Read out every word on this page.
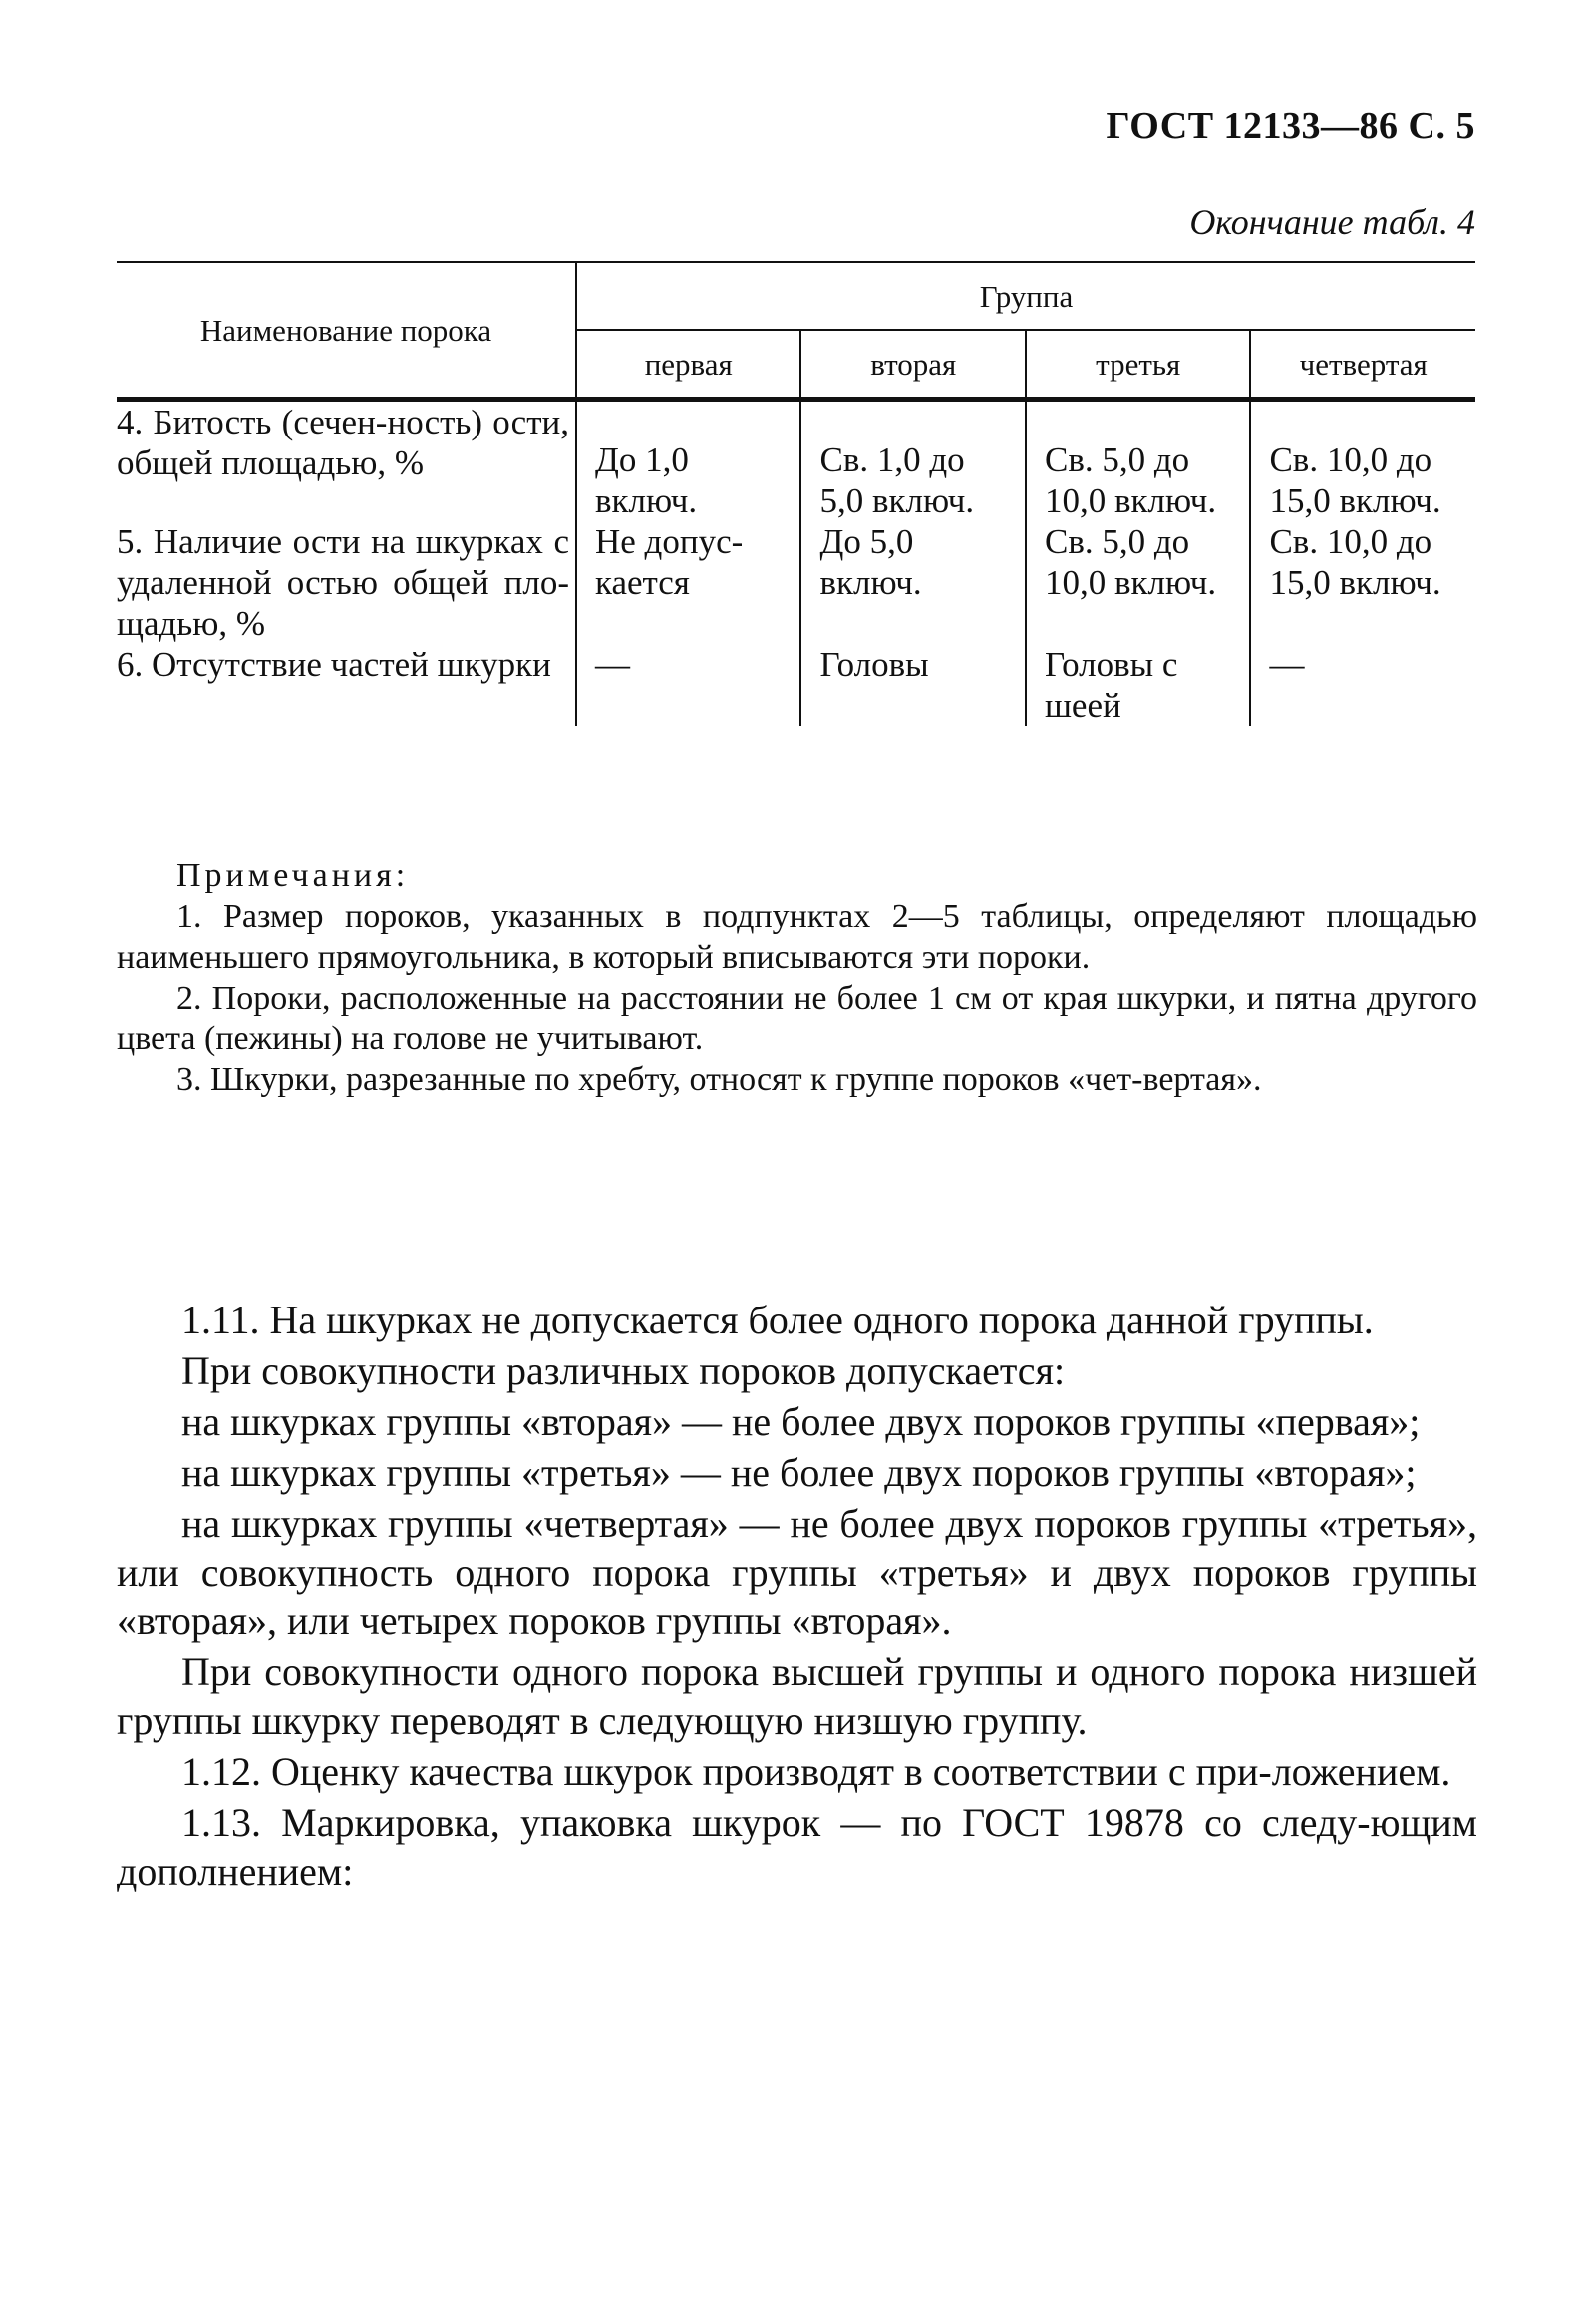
ГОСТ 12133—86 С. 5
Окончание табл. 4
Наименование порока	Группа			
	первая	вторая	третья	четвертая
4. Битость (сечен-ность) ости, общей площадью, %	До 1,0 включ.	Св. 1,0 до 5,0 включ.	Св. 5,0 до 10,0 включ.	Св. 10,0 до 15,0 включ.
5. Наличие ости на шкурках с удаленной остью общей пло-щадью, %	Не допус-кается	До 5,0 включ.	Св. 5,0 до 10,0 включ.	Св. 10,0 до 15,0 включ.
6. Отсутствие частей шкурки	—	Головы	Головы с шеей	—
Примечания:

1. Размер пороков, указанных в подпунктах 2—5 таблицы, определяют площадью наименьшего прямоугольника, в который вписываются эти пороки.

2. Пороки, расположенные на расстоянии не более 1 см от края шкурки, и пятна другого цвета (пежины) на голове не учитывают.

3. Шкурки, разрезанные по хребту, относят к группе пороков «чет-вертая».

1.11. На шкурках не допускается более одного порока данной группы.

При совокупности различных пороков допускается:

на шкурках группы «вторая» — не более двух пороков группы «первая»;

на шкурках группы «третья» — не более двух пороков группы «вторая»;

на шкурках группы «четвертая» — не более двух пороков группы «третья», или совокупность одного порока группы «третья» и двух пороков группы «вторая», или четырех пороков группы «вторая».

При совокупности одного порока высшей группы и одного порока низшей группы шкурку переводят в следующую низшую группу.

1.12. Оценку качества шкурок производят в соответствии с при-ложением.

1.13. Маркировка, упаковка шкурок — по ГОСТ 19878 со следу-ющим дополнением:
